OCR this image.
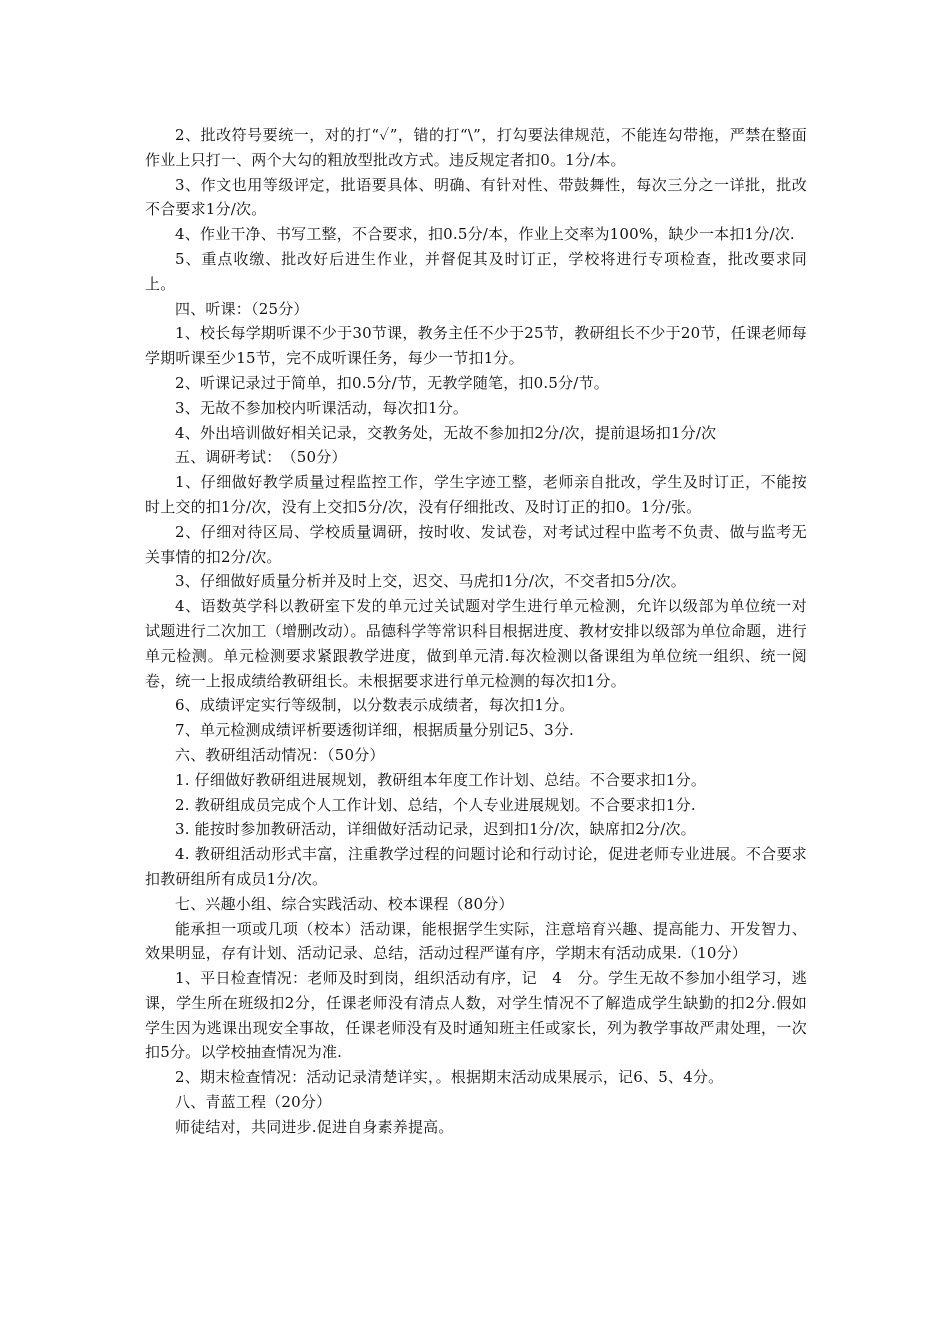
2、批改符号要统一，对的打“✓”，错的打“\”，打勾要法律规范，不能连勾带拖，严禁在整面作业上只打一、两个大勾的粗放型批改方式。违反规定者扣0。1分/本。

3、作文也用等级评定，批语要具体、明确、有针对性、带鼓舞性，每次三分之一详批，批改不合要求1分/次。

4、作业干净、书写工整，不合要求，扣0.5分/本，作业上交率为100%，缺少一本扣1分/次.

5、重点收缴、批改好后进生作业，并督促其及时订正，学校将进行专项检查，批改要求同上。

四、听课：（25分）

1、校长每学期听课不少于30节课，教务主任不少于25节，教研组长不少于20节，任课老师每学期听课至少15节，完不成听课任务，每少一节扣1分。

2、听课记录过于简单，扣0.5分/节，无教学随笔，扣0.5分/节。

3、无故不参加校内听课活动，每次扣1分。

4、外出培训做好相关记录，交教务处，无故不参加扣2分/次，提前退场扣1分/次

五、调研考试：　（50分）

1、仔细做好教学质量过程监控工作，学生字迹工整，老师亲自批改，学生及时订正，不能按时上交的扣1分/次，没有上交扣5分/次，没有仔细批改、及时订正的扣0。1分/张。

2、仔细对待区局、学校质量调研，按时收、发试卷，对考试过程中监考不负责、做与监考无关事情的扣2分/次。

3、仔细做好质量分析并及时上交，迟交、马虎扣1分/次，不交者扣5分/次。

4、语数英学科以教研室下发的单元过关试题对学生进行单元检测，允许以级部为单位统一对试题进行二次加工（增删改动）。品德科学等常识科目根据进度、教材安排以级部为单位命题，进行单元检测。单元检测要求紧跟教学进度，做到单元清.每次检测以备课组为单位统一组织、统一阅卷，统一上报成绩给教研组长。未根据要求进行单元检测的每次扣1分。

6、成绩评定实行等级制，以分数表示成绩者，每次扣1分。

7、单元检测成绩评析要透彻详细，根据质量分别记5、3分.

六、教研组活动情况：（50分）

1. 仔细做好教研组进展规划，教研组本年度工作计划、总结。不合要求扣1分。

2. 教研组成员完成个人工作计划、总结，个人专业进展规划。不合要求扣1分.

3. 能按时参加教研活动，详细做好活动记录，迟到扣1分/次，缺席扣2分/次。

4. 教研组活动形式丰富，注重教学过程的问题讨论和行动讨论，促进老师专业进展。不合要求扣教研组所有成员1分/次。

七、兴趣小组、综合实践活动、校本课程（80分）

能承担一项或几项（校本）活动课，能根据学生实际，注意培育兴趣、提高能力、开发智力、效果明显，存有计划、活动记录、总结，活动过程严谨有序，学期末有活动成果.（10分）

1、平日检查情况：老师及时到岗，组织活动有序，记　4　分。学生无故不参加小组学习，逃课，学生所在班级扣2分，任课老师没有清点人数，对学生情况不了解造成学生缺勤的扣2分.假如学生因为逃课出现安全事故，任课老师没有及时通知班主任或家长，列为教学事故严肃处理，一次扣5分。以学校抽查情况为准.

2、期末检查情况：活动记录清楚详实，。根据期末活动成果展示，记6、5、4分。

八、青蓝工程（20分）

师徒结对，共同进步.促进自身素养提高。
